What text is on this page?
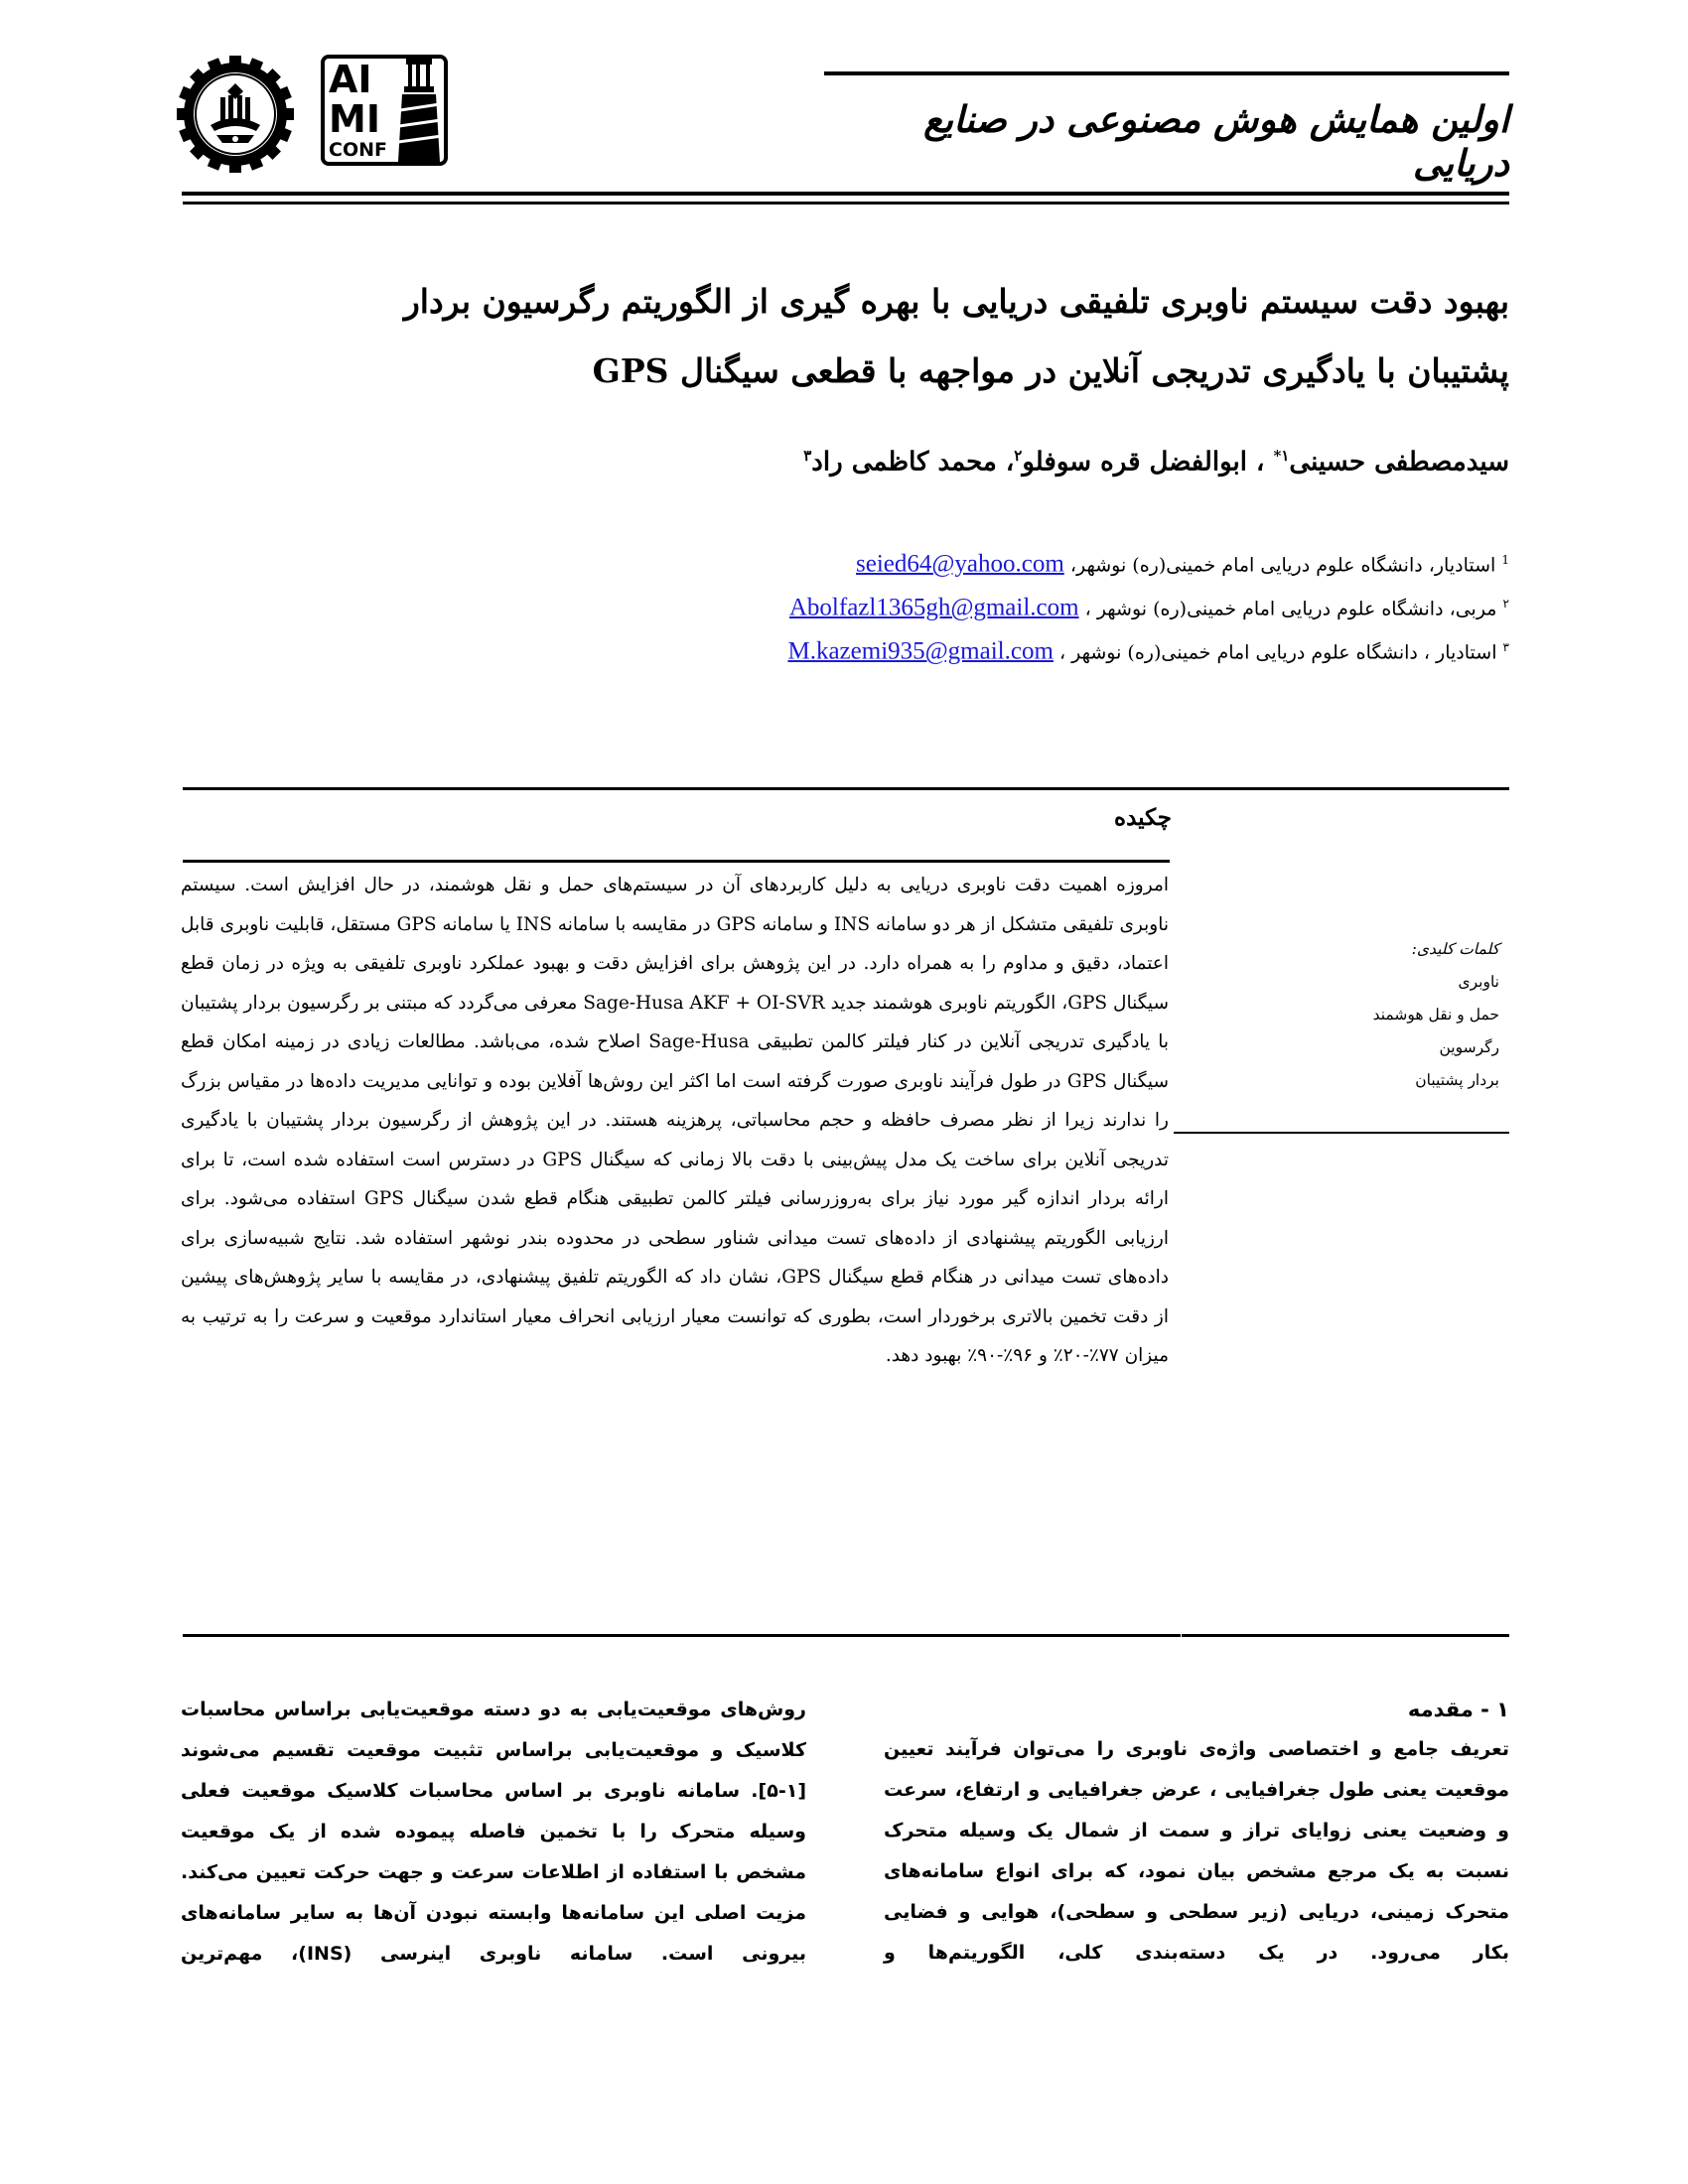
AI
MI
CONF
اولین همایش هوش مصنوعی در صنایع دریایی
بهبود دقت سیستم ناوبری تلفیقی دریایی با بهره گیری از الگوریتم رگرسیون بردار
پشتیبان با یادگیری تدریجی آنلاین در مواجهه با قطعی سیگنال GPS
سیدمصطفی حسینی$^{۱*}$ ، ابوالفضل قره سوفلو$^۲$، محمد کاظمی راد$^۳$
$^1$ استادیار، دانشگاه علوم دریایی امام خمینی(ره) نوشهر، seied64@yahoo.com
$^۲$ مربی، دانشگاه علوم دریایی امام خمینی(ره) نوشهر ، Abolfazl1365gh@gmail.com
$^۳$ استادیار ، دانشگاه علوم دریایی امام خمینی(ره) نوشهر ، M.kazemi935@gmail.com
چکیده
امروزه اهمیت دقت ناوبری دریایی به دلیل کاربردهای آن در سیستم‌های حمل و نقل هوشمند، در حال افزایش است. سیستم ناوبری تلفیقی متشکل از هر دو سامانه INS و سامانه GPS در مقایسه با سامانه INS یا سامانه GPS مستقل، قابلیت ناوبری قابل اعتماد، دقیق و مداوم را به همراه دارد. در این پژوهش برای افزایش دقت و بهبود عملکرد ناوبری تلفیقی به ویژه در زمان قطع سیگنال GPS، الگوریتم ناوبری هوشمند جدید Sage-Husa AKF + OI-SVR معرفی می‌گردد که مبتنی بر رگرسیون بردار پشتیبان با یادگیری تدریجی آنلاین در کنار فیلتر کالمن تطبیقی Sage-Husa اصلاح شده، می‌باشد. مطالعات زیادی در زمینه امکان قطع سیگنال GPS در طول فرآیند ناوبری صورت گرفته است اما اکثر این روش‌ها آفلاین بوده و توانایی مدیریت داده‌ها در مقیاس بزرگ را ندارند زیرا از نظر مصرف حافظه و حجم محاسباتی، پرهزینه هستند. در این پژوهش از رگرسیون بردار پشتیبان با یادگیری تدریجی آنلاین برای ساخت یک مدل پیش‌بینی با دقت بالا زمانی که سیگنال GPS در دسترس است استفاده شده است، تا برای ارائه بردار اندازه گیر مورد نیاز برای به‌روزرسانی فیلتر کالمن تطبیقی هنگام قطع شدن سیگنال GPS استفاده می‌شود. برای ارزیابی الگوریتم پیشنهادی از داده‌های تست میدانی شناور سطحی در محدوده بندر نوشهر استفاده شد. نتایج شبیه‌سازی برای داده‌های تست میدانی در هنگام قطع سیگنال GPS، نشان داد که الگوریتم تلفیق پیشنهادی، در مقایسه با سایر پژوهش‌های پیشین از دقت تخمین بالاتری برخوردار است، بطوری که توانست معیار ارزیابی انحراف معیار استاندارد موقعیت و سرعت را به ترتیب به میزان ۷۷٪-۲۰٪ و ۹۶٪-۹۰٪ بهبود دهد.
کلمات کلیدی:
ناوبری
حمل و نقل هوشمند
رگرسوین
بردار پشتیبان
۱ - مقدمه
تعریف جامع و اختصاصی واژه‌ی ناوبری را می‌توان فرآیند تعیین موقعیت یعنی طول جغرافیایی ، عرض جغرافیایی و ارتفاع، سرعت و وضعیت یعنی زوایای تراز و سمت از شمال یک وسیله متحرک نسبت به یک مرجع مشخص بیان نمود، که برای انواع سامانه‌های متحرک زمینی، دریایی (زیر سطحی و سطحی)، هوایی و فضایی بکار می‌رود. در یک دسته‌بندی کلی، الگوریتم‌ها و
روش‌های موقعیت‌یابی به دو دسته موقعیت‌یابی براساس محاسبات کلاسیک و موقعیت‌یابی براساس تثبیت موقعیت تقسیم می‌شوند [۱-۵]. سامانه ناوبری بر اساس محاسبات کلاسیک موقعیت فعلی وسیله متحرک را با تخمین فاصله پیموده شده از یک موقعیت مشخص با استفاده از اطلاعات سرعت و جهت حرکت تعیین می‌کند. مزیت اصلی این سامانه‌ها وابسته نبودن آن‌ها به سایر سامانه‌های بیرونی است. سامانه ناوبری اینرسی (INS)، مهم‌ترین
